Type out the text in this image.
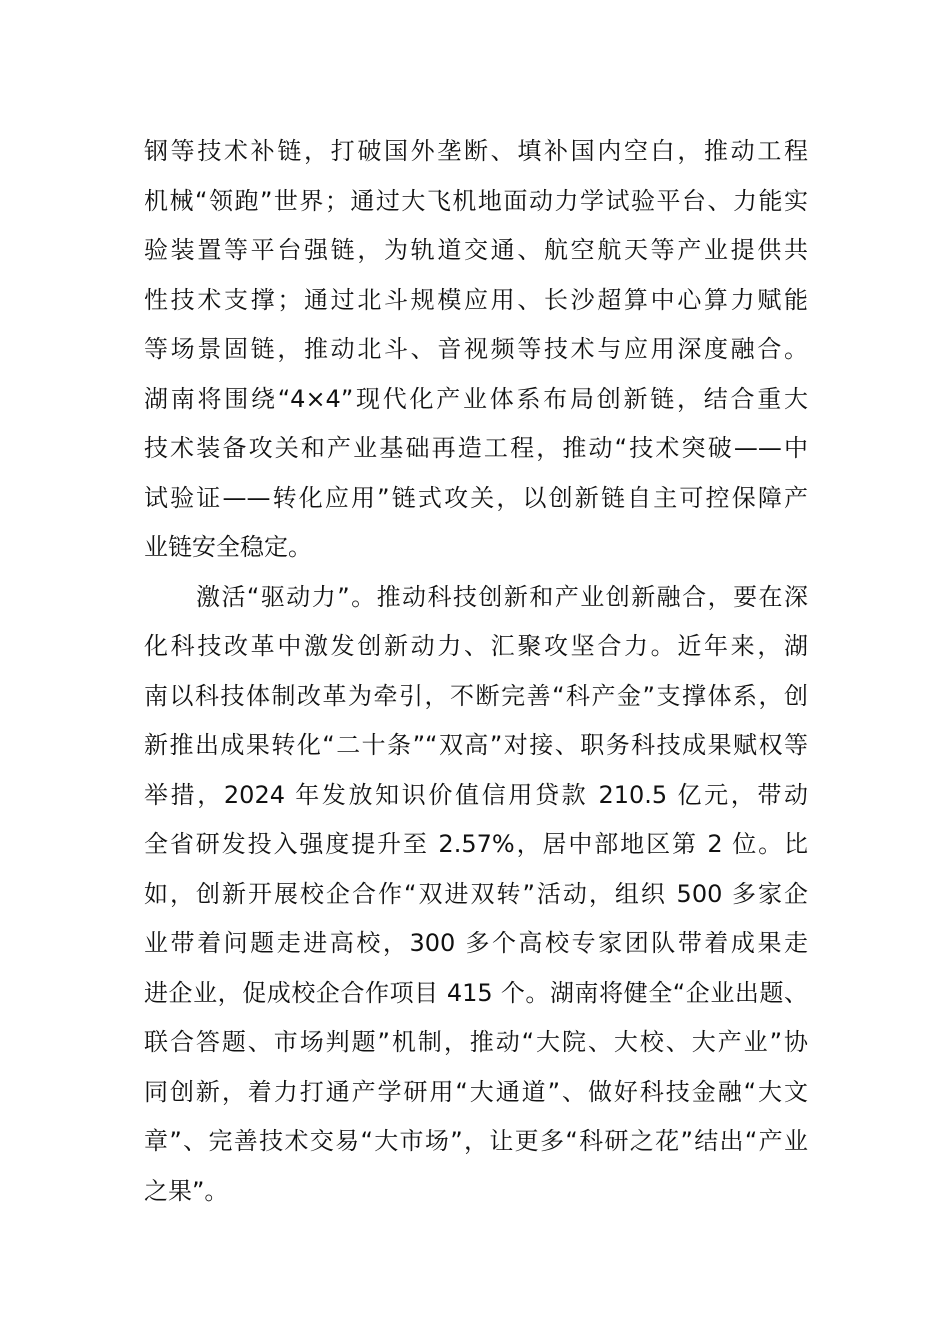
钢等技术补链，打破国外垄断、填补国内空白，推动工程
机械“领跑”世界；通过大飞机地面动力学试验平台、力能实
验装置等平台强链，为轨道交通、航空航天等产业提供共
性技术支撑；通过北斗规模应用、长沙超算中心算力赋能
等场景固链，推动北斗、音视频等技术与应用深度融合。
湖南将围绕“4×4”现代化产业体系布局创新链，结合重大
技术装备攻关和产业基础再造工程，推动“技术突破——中
试验证——转化应用”链式攻关，以创新链自主可控保障产
业链安全稳定。
激活“驱动力”。推动科技创新和产业创新融合，要在深
化科技改革中激发创新动力、汇聚攻坚合力。近年来，湖
南以科技体制改革为牵引，不断完善“科产金”支撑体系，创
新推出成果转化“二十条”“双高”对接、职务科技成果赋权等
举措，2024 年发放知识价值信用贷款 210.5 亿元，带动
全省研发投入强度提升至 2.57%，居中部地区第 2 位。比
如，创新开展校企合作“双进双转”活动，组织 500 多家企
业带着问题走进高校，300 多个高校专家团队带着成果走
进企业，促成校企合作项目 415 个。湖南将健全“企业出题、
联合答题、市场判题”机制，推动“大院、大校、大产业”协
同创新，着力打通产学研用“大通道”、做好科技金融“大文
章”、完善技术交易“大市场”，让更多“科研之花”结出“产业
之果”。
